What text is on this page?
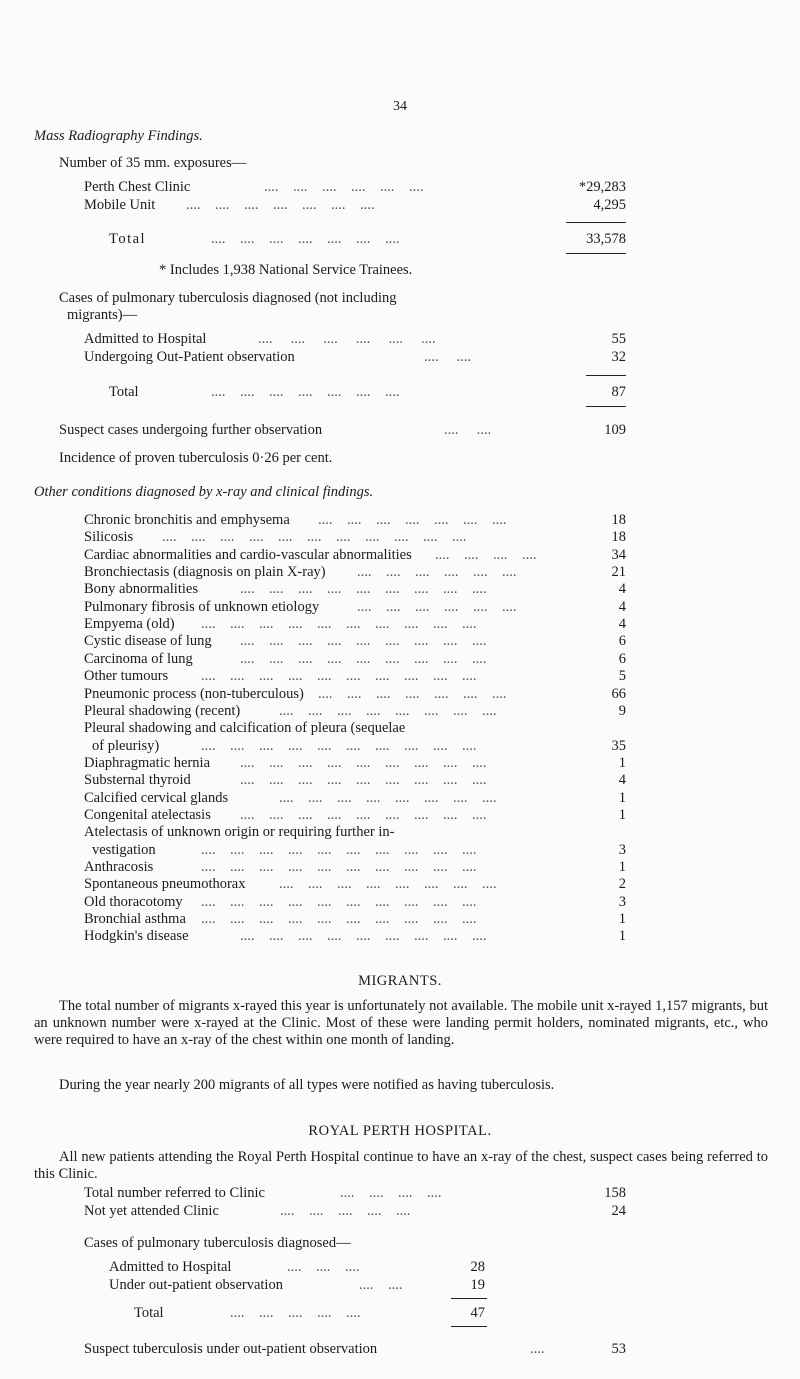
34
Mass Radiography Findings.
Number of 35 mm. exposures—
Perth Chest Clinic	....    ....    ....    ....    ....    ....	*29,283
Mobile Unit ....    ....    ....    ....    ....    ....    ....	4,295
Total	....    ....    ....    ....    ....    ....    ....	33,578
* Includes 1,938 National Service Trainees.
Cases of pulmonary tuberculosis diagnosed (not including
migrants)—
Admitted to Hospital	....     ....     ....     ....     ....     ....	55
Undergoing Out-Patient observation	....     ....	32
Total	....    ....    ....    ....    ....    ....    ....	87
Suspect cases undergoing further observation	....     ....	109
Incidence of proven tuberculosis 0·26 per cent.
Other conditions diagnosed by x-ray and clinical findings.
Chronic bronchitis and emphysema	18
....    ....    ....    ....    ....    ....    ....
Silicosis	18
....    ....    ....    ....    ....    ....    ....    ....    ....    ....    ....
Cardiac abnormalities and cardio-vascular abnormalities	34
....    ....    ....    ....
Bronchiectasis (diagnosis on plain X-ray)	21
....    ....    ....    ....    ....    ....
Bony abnormalities	4
....    ....    ....    ....    ....    ....    ....    ....    ....
Pulmonary fibrosis of unknown etiology	4
....    ....    ....    ....    ....    ....
Empyema (old)	4
....    ....    ....    ....    ....    ....    ....    ....    ....    ....
Cystic disease of lung	6
....    ....    ....    ....    ....    ....    ....    ....    ....
Carcinoma of lung	6
....    ....    ....    ....    ....    ....    ....    ....    ....
Other tumours	5
....    ....    ....    ....    ....    ....    ....    ....    ....    ....
Pneumonic process (non-tuberculous)	66
....    ....    ....    ....    ....    ....    ....
Pleural shadowing (recent)	9
....    ....    ....    ....    ....    ....    ....    ....
Pleural shadowing and calcification of pleura (sequelae
of pleurisy)	35
....    ....    ....    ....    ....    ....    ....    ....    ....    ....
Diaphragmatic hernia	1
....    ....    ....    ....    ....    ....    ....    ....    ....
Substernal thyroid	4
....    ....    ....    ....    ....    ....    ....    ....    ....
Calcified cervical glands	1
....    ....    ....    ....    ....    ....    ....    ....
Congenital atelectasis	1
....    ....    ....    ....    ....    ....    ....    ....    ....
Atelectasis of unknown origin or requiring further in-
vestigation	3
....    ....    ....    ....    ....    ....    ....    ....    ....    ....
Anthracosis	1
....    ....    ....    ....    ....    ....    ....    ....    ....    ....
Spontaneous pneumothorax	2
....    ....    ....    ....    ....    ....    ....    ....
Old thoracotomy	3
....    ....    ....    ....    ....    ....    ....    ....    ....    ....
Bronchial asthma	1
....    ....    ....    ....    ....    ....    ....    ....    ....    ....
Hodgkin's disease	1
....    ....    ....    ....    ....    ....    ....    ....    ....
MIGRANTS.
The total number of migrants x-rayed this year is unfortunately not available. The mobile unit x-rayed 1,157 migrants, but an unknown number were x-rayed at the Clinic. Most of these were landing permit holders, nominated migrants, etc., who were required to have an x-ray of the chest within one month of landing.
During the year nearly 200 migrants of all types were notified as having tuberculosis.
ROYAL PERTH HOSPITAL.
All new patients attending the Royal Perth Hospital continue to have an x-ray of the chest, suspect cases being referred to this Clinic.
Total number referred to Clinic	....    ....    ....    ....	158
Not yet attended Clinic	....    ....    ....    ....    ....	24
Cases of pulmonary tuberculosis diagnosed—
Admitted to Hospital	....    ....    ....	28
Under out-patient observation	....    ....	19
Total	....    ....    ....    ....    ....	47
Suspect tuberculosis under out-patient observation	....	53
